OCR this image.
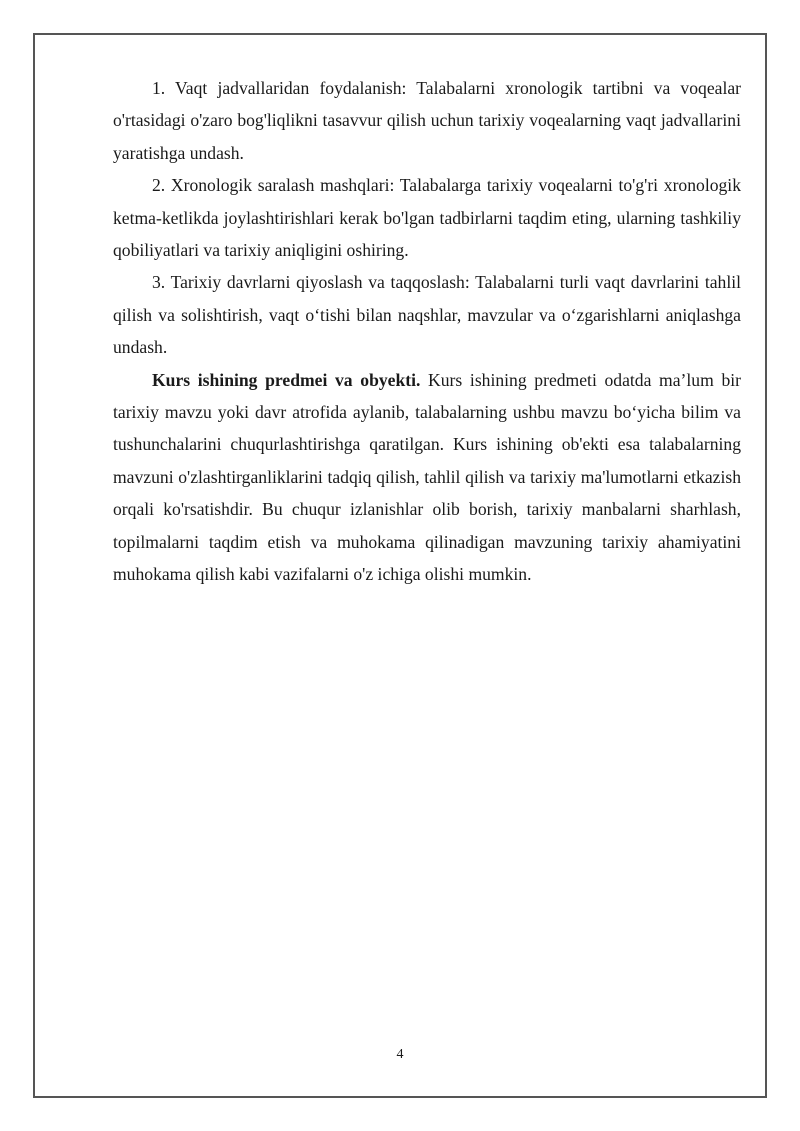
1. Vaqt jadvallaridan foydalanish: Talabalarni xronologik tartibni va voqealar o'rtasidagi o'zaro bog'liqlikni tasavvur qilish uchun tarixiy voqealarning vaqt jadvallarini yaratishga undash.

2. Xronologik saralash mashqlari: Talabalarga tarixiy voqealarni to'g'ri xronologik ketma-ketlikda joylashtirishlari kerak bo'lgan tadbirlarni taqdim eting, ularning tashkiliy qobiliyatlari va tarixiy aniqligini oshiring.

3. Tarixiy davrlarni qiyoslash va taqqoslash: Talabalarni turli vaqt davrlarini tahlil qilish va solishtirish, vaqt o‘tishi bilan naqshlar, mavzular va o‘zgarishlarni aniqlashga undash.

Kurs ishining predmei va obyekti. Kurs ishining predmeti odatda ma’lum bir tarixiy mavzu yoki davr atrofida aylanib, talabalarning ushbu mavzu bo‘yicha bilim va tushunchalarini chuqurlashtirishga qaratilgan. Kurs ishining ob'ekti esa talabalarning mavzuni o'zlashtirganliklarini tadqiq qilish, tahlil qilish va tarixiy ma'lumotlarni etkazish orqali ko'rsatishdir. Bu chuqur izlanishlar olib borish, tarixiy manbalarni sharhlash, topilmalarni taqdim etish va muhokama qilinadigan mavzuning tarixiy ahamiyatini muhokama qilish kabi vazifalarni o'z ichiga olishi mumkin.

4
